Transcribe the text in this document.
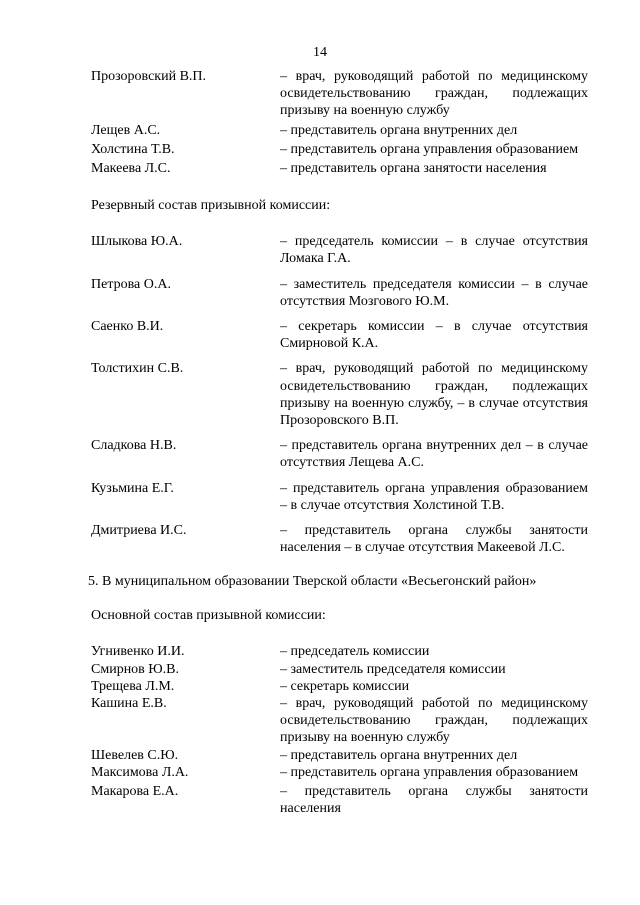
14
Прозоровский В.П.	– врач, руководящий работой по медицинскому освидетельствованию граждан, подлежащих призыву на военную службу
Лещев А.С.	– представитель органа внутренних дел
Холстина Т.В.	– представитель органа управления образованием
Макеева Л.С.	– представитель органа занятости населения
Резервный состав призывной комиссии:
Шлыкова Ю.А.	– председатель комиссии – в случае отсутствия Ломака Г.А.
Петрова О.А.	– заместитель председателя комиссии – в случае отсутствия Мозгового Ю.М.
Саенко В.И.	– секретарь комиссии – в случае отсутствия Смирновой К.А.
Толстихин С.В.	– врач, руководящий работой по медицинскому освидетельствованию граждан, подлежащих призыву на военную службу, – в случае отсутствия Прозоровского В.П.
Сладкова Н.В.	– представитель органа внутренних дел – в случае отсутствия Лещева А.С.
Кузьмина Е.Г.	– представитель органа управления образованием – в случае отсутствия Холстиной Т.В.
Дмитриева И.С.	– представитель органа службы занятости населения – в случае отсутствия Макеевой Л.С.
5. В муниципальном образовании Тверской области «Весьегонский район»
Основной состав призывной комиссии:
Угнивенко И.И.	– председатель комиссии
Смирнов Ю.В.	– заместитель председателя комиссии
Трещева Л.М.	– секретарь комиссии
Кашина Е.В.	– врач, руководящий работой по медицинскому освидетельствованию граждан, подлежащих призыву на военную службу
Шевелев С.Ю.	– представитель органа внутренних дел
Максимова Л.А.	– представитель органа управления образованием
Макарова Е.А.	– представитель органа службы занятости населения
